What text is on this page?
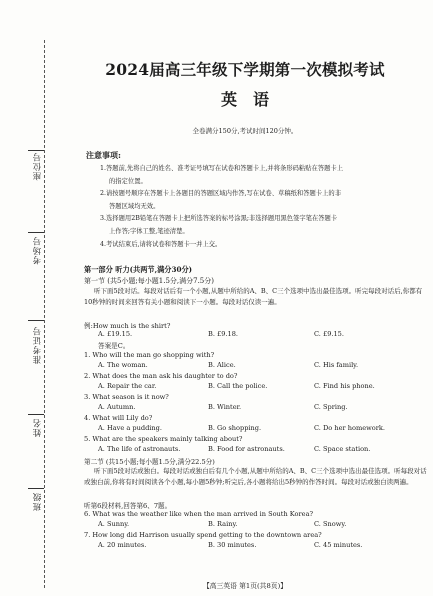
座位号
考场号
准考证号
姓名
班级
2024届高三年级下学期第一次模拟考试
英语
全卷满分150分,考试时间120分钟。
注意事项:

1.答题前,先将自己的姓名、准考证号填写在试卷和答题卡上,并将条形码粘贴在答题卡上

的指定位置。

2.请按题号顺序在答题卡上各题目的答题区域内作答,写在试卷、草稿纸和答题卡上的非

答题区域均无效。

3.选择题用2B铅笔在答题卡上把所选答案的标号涂黑;非选择题用黑色签字笔在答题卡

上作答;字体工整,笔迹清楚。

4.考试结束后,请将试卷和答题卡一并上交。

第一部分 听力(共两节,满分30分)
第一节 (共5小题;每小题1.5分,满分7.5分)
听下面5段对话。每段对话后有一个小题,从题中所给的A、B、C三个选项中选出最佳选项。听完每段对话后,你都有10秒钟的时间来回答有关小题和阅读下一小题。每段对话仅读一遍。
例:How much is the shirt?
A. £19.15.	B. £9.18.	C. £9.15.
答案是C。
1. Who will the man go shopping with?
A. The woman.	B. Alice.	C. His family.
2. What does the man ask his daughter to do?
A. Repair the car.	B. Call the police.	C. Find his phone.
3. What season is it now?
A. Autumn.	B. Winter.	C. Spring.
4. What will Lily do?
A. Have a pudding.	B. Go shopping.	C. Do her homework.
5. What are the speakers mainly talking about?
A. The life of astronauts.	B. Food for astronauts.	C. Space station.
第二节 (共15小题;每小题1.5分,满分22.5分)
听下面5段对话或独白。每段对话或独白后有几个小题,从题中所给的A、B、C三个选项中选出最佳选项。听每段对话或独白前,你将有时间阅读各个小题,每小题5秒钟;听完后,各小题将给出5秒钟的作答时间。每段对话或独白读两遍。
听第6段材料,回答第6、7题。
6. What was the weather like when the man arrived in South Korea?
A. Sunny.	B. Rainy.	C. Snowy.
7. How long did Harrison usually spend getting to the downtown area?
A. 20 minutes.	B. 30 minutes.	C. 45 minutes.
【高三英语 第1页(共8页)】
